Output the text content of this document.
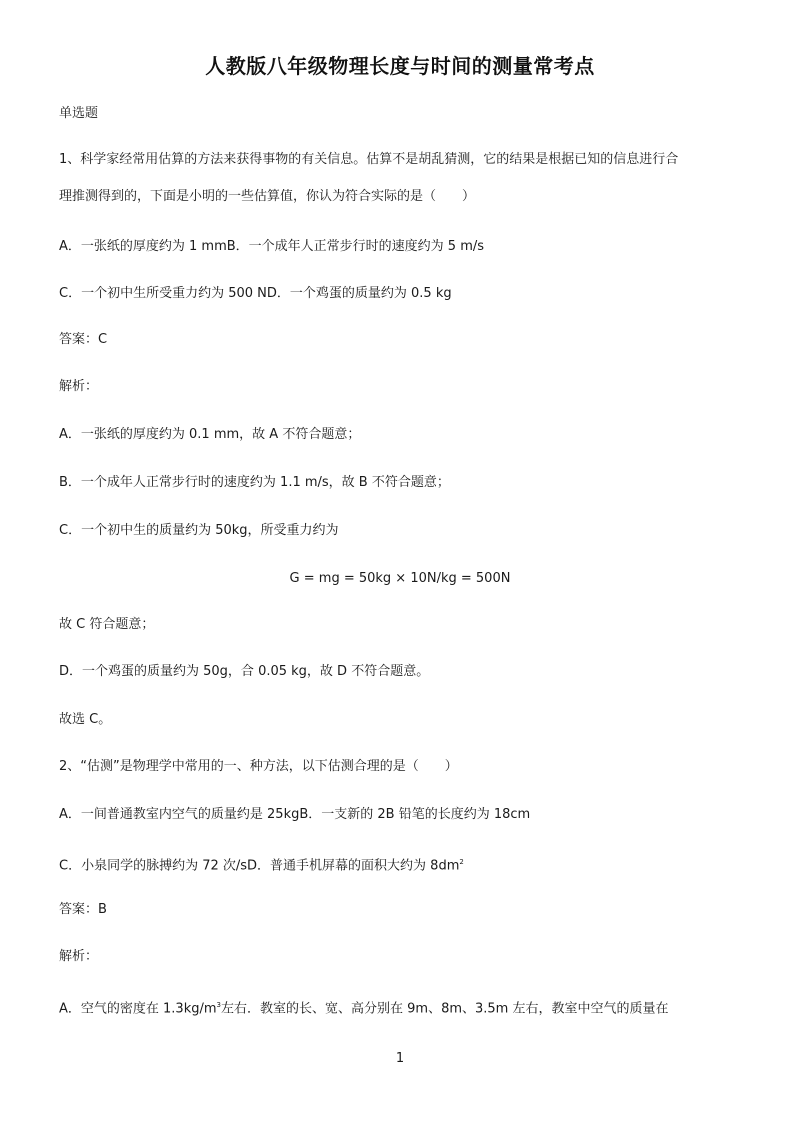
人教版八年级物理长度与时间的测量常考点
单选题
1、科学家经常用估算的方法来获得事物的有关信息。估算不是胡乱猜测，它的结果是根据已知的信息进行合
理推测得到的，下面是小明的一些估算值，你认为符合实际的是（　　）
A．一张纸的厚度约为 1 mmB．一个成年人正常步行时的速度约为 5 m/s
C．一个初中生所受重力约为 500 ND．一个鸡蛋的质量约为 0.5 kg
答案：C
解析：
A．一张纸的厚度约为 0.1 mm，故 A 不符合题意；
B．一个成年人正常步行时的速度约为 1.1 m/s，故 B 不符合题意；
C．一个初中生的质量约为 50kg，所受重力约为
G = mg = 50kg × 10N/kg = 500N
故 C 符合题意；
D．一个鸡蛋的质量约为 50g，合 0.05 kg，故 D 不符合题意。
故选 C。
2、“估测”是物理学中常用的一、种方法，以下估测合理的是（　　）
A．一间普通教室内空气的质量约是 25kgB．一支新的 2B 铅笔的长度约为 18cm
C．小泉同学的脉搏约为 72 次/sD．普通手机屏幕的面积大约为 $8dm^2$
答案：B
解析：
A．空气的密度在 $1.3kg/m^3$左右．教室的长、宽、高分别在 9m、8m、3.5m 左右，教室中空气的质量在
1
